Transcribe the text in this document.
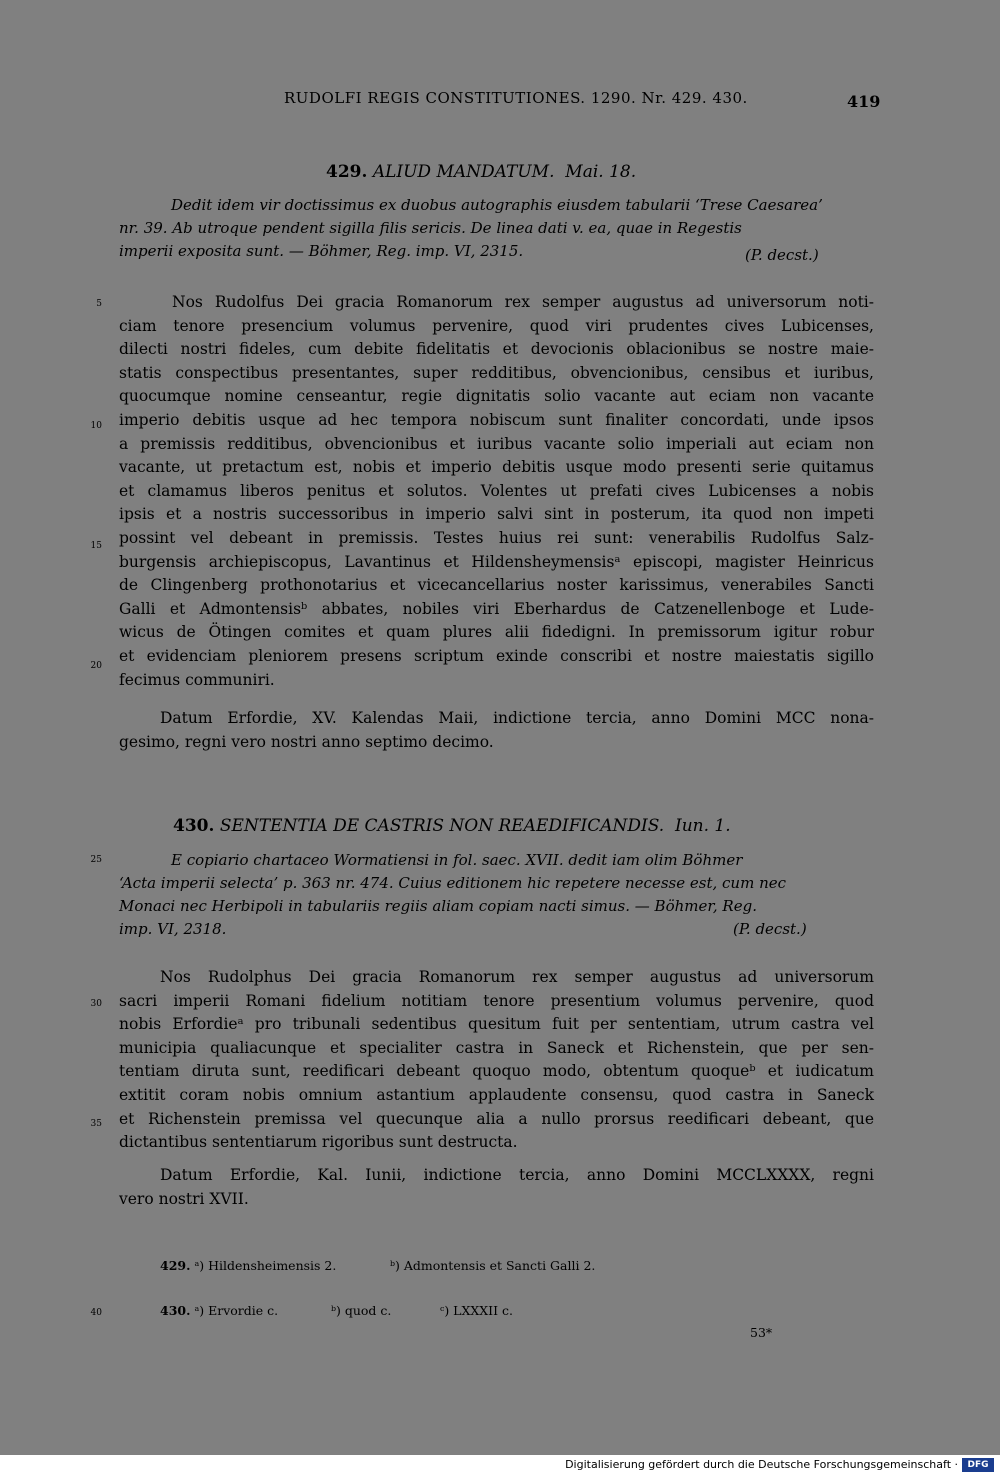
RUDOLFI REGIS CONSTITUTIONES. 1290. Nr. 429. 430.	419
429. ALIUD MANDATUM. Mai. 18.
Dedit idem vir doctissimus ex duobus autographis eiusdem tabularii ‘Trese Caesarea’
nr. 39. Ab utroque pendent sigilla filis sericis. De linea dati v. ea, quae in Regestis
imperii exposita sunt. — Böhmer, Reg. imp. VI, 2315.	(P. decst.)
Nos Rudolfus Dei gracia Romanorum rex semper augustus ad universorum noti-
ciam tenore presencium volumus pervenire, quod viri prudentes cives Lubicenses,
dilecti nostri fideles, cum debite fidelitatis et devocionis oblacionibus se nostre maie-
statis conspectibus presentantes, super redditibus, obvencionibus, censibus et iuribus,
quocumque nomine censeantur, regie dignitatis solio vacante aut eciam non vacante
imperio debitis usque ad hec tempora nobiscum sunt finaliter concordati, unde ipsos
a premissis redditibus, obvencionibus et iuribus vacante solio imperiali aut eciam non
vacante, ut pretactum est, nobis et imperio debitis usque modo presenti serie quitamus
et clamamus liberos penitus et solutos. Volentes ut prefati cives Lubicenses a nobis
ipsis et a nostris successoribus in imperio salvi sint in posterum, ita quod non impeti
possint vel debeant in premissis. Testes huius rei sunt: venerabilis Rudolfus Salz-
burgensis archiepiscopus, Lavantinus et Hildensheymensisᵃ episcopi, magister Heinricus
de Clingenberg prothonotarius et vicecancellarius noster karissimus, venerabiles Sancti
Galli et Admontensisᵇ abbates, nobiles viri Eberhardus de Catzenellenboge et Lude-
wicus de Ötingen comites et quam plures alii fidedigni. In premissorum igitur robur
et evidenciam pleniorem presens scriptum exinde conscribi et nostre maiestatis sigillo
fecimus communiri.
Datum Erfordie, XV. Kalendas Maii, indictione tercia, anno Domini MCC nona-
gesimo, regni vero nostri anno septimo decimo.
430. SENTENTIA DE CASTRIS NON REAEDIFICANDIS. Iun. 1.
E copiario chartaceo Wormatiensi in fol. saec. XVII. dedit iam olim Böhmer
‘Acta imperii selecta’ p. 363 nr. 474. Cuius editionem hic repetere necesse est, cum nec
Monaci nec Herbipoli in tabulariis regiis aliam copiam nacti simus. — Böhmer, Reg.
imp. VI, 2318.	(P. decst.)
Nos Rudolphus Dei gracia Romanorum rex semper augustus ad universorum
sacri imperii Romani fidelium notitiam tenore presentium volumus pervenire, quod
nobis Erfordieᵃ pro tribunali sedentibus quesitum fuit per sententiam, utrum castra vel
municipia qualiacunque et specialiter castra in Saneck et Richenstein, que per sen-
tentiam diruta sunt, reedificari debeant quoquo modo, obtentum quoqueᵇ et iudicatum
extitit coram nobis omnium astantium applaudente consensu, quod castra in Saneck
et Richenstein premissa vel quecunque alia a nullo prorsus reedificari debeant, que
dictantibus sententiarum rigoribus sunt destructa.
Datum Erfordie, Kal. Iunii, indictione tercia, anno Domini MCCLXXXX, regni
vero nostri XVII.
429. ᵃ) Hildensheimensis 2.	ᵇ) Admontensis et Sancti Galli 2.
430. ᵃ) Ervordie c.	ᵇ) quod c.	ᶜ) LXXXII c.
5
10
15
20
25
30
35
40
53*
Digitalisierung gefördert durch die Deutsche Forschungsgemeinschaft ·	DFG
